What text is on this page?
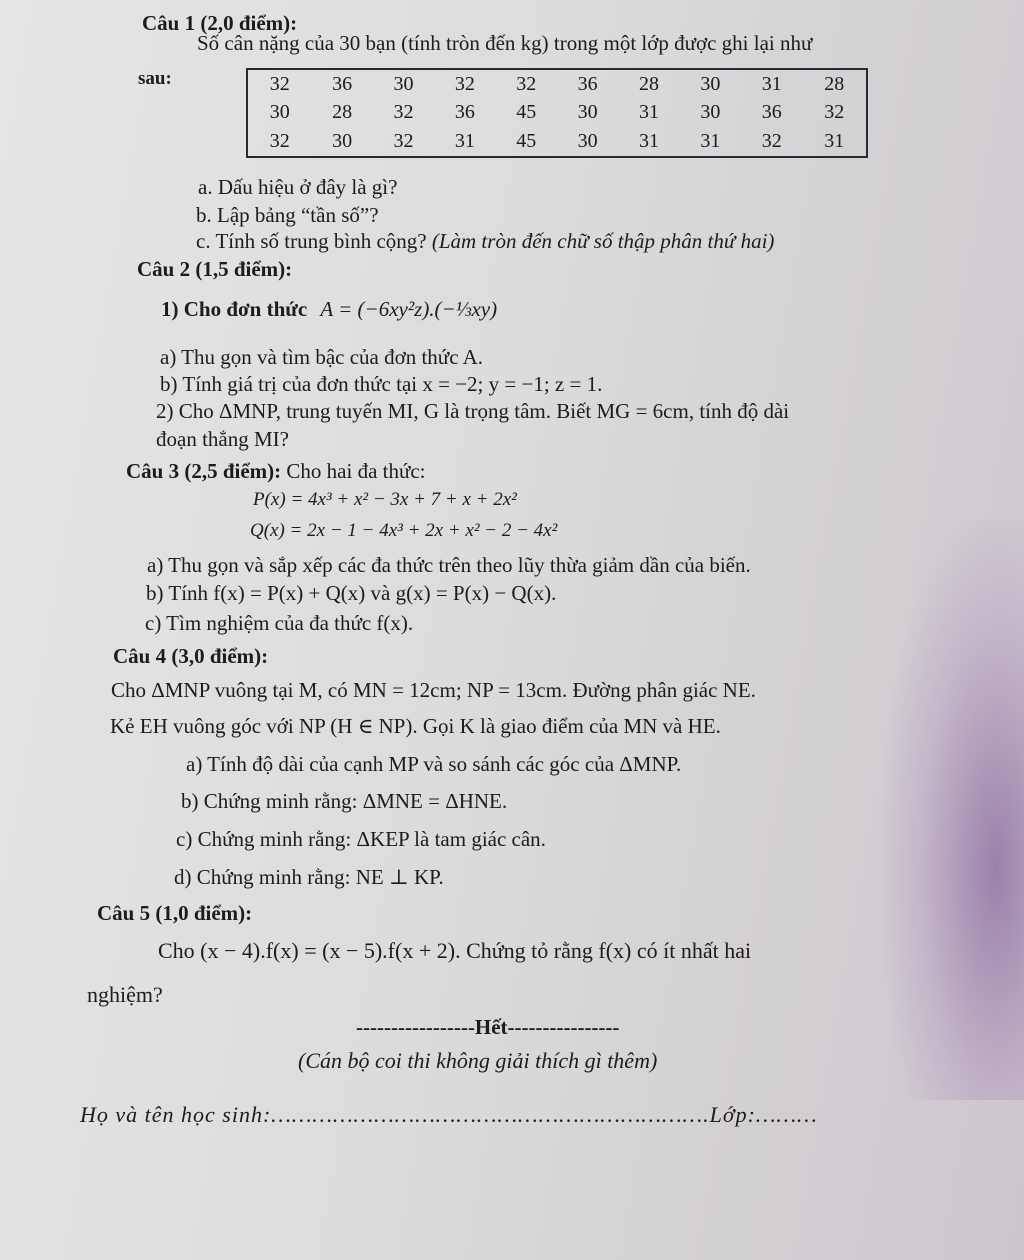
Câu 1 (2,0 điểm):
Số cân nặng của 30 bạn (tính tròn đến kg) trong một lớp được ghi lại như
sau:	32	36	30	32	32	36	28	30	31	28
30	28	32	36	45	30	31	30	36	32
32	30	32	31	45	30	31	31	32	31
a. Dấu hiệu ở đây là gì?
b. Lập bảng “tần số”?
c. Tính số trung bình cộng? (Làm tròn đến chữ số thập phân thứ hai)
Câu 2 (1,5 điểm):
1) Cho đơn thức A = (−6xy²z).(−⅓xy)
a) Thu gọn và tìm bậc của đơn thức A.
b) Tính giá trị của đơn thức tại x = −2; y = −1; z = 1.
2) Cho ΔMNP, trung tuyến MI, G là trọng tâm. Biết MG = 6cm, tính độ dài
đoạn thẳng MI?
Câu 3 (2,5 điểm): Cho hai đa thức:
P(x) = 4x³ + x² − 3x + 7 + x + 2x²
Q(x) = 2x − 1 − 4x³ + 2x + x² − 2 − 4x²
a) Thu gọn và sắp xếp các đa thức trên theo lũy thừa giảm dần của biến.
b) Tính f(x) = P(x) + Q(x) và g(x) = P(x) − Q(x).
c) Tìm nghiệm của đa thức f(x).
Câu 4 (3,0 điểm):
Cho ΔMNP vuông tại M, có MN = 12cm; NP = 13cm. Đường phân giác NE.
Kẻ EH vuông góc với NP (H ∈ NP). Gọi K là giao điểm của MN và HE.
a) Tính độ dài của cạnh MP và so sánh các góc của ΔMNP.
b) Chứng minh rằng: ΔMNE = ΔHNE.
c) Chứng minh rằng: ΔKEP là tam giác cân.
d) Chứng minh rằng: NE ⊥ KP.
Câu 5 (1,0 điểm):
Cho (x − 4).f(x) = (x − 5).f(x + 2). Chứng tỏ rằng f(x) có ít nhất hai
nghiệm?
-----------------Hết----------------
(Cán bộ coi thi không giải thích gì thêm)
Họ và tên học sinh:……………………………………………………….Lớp:………
